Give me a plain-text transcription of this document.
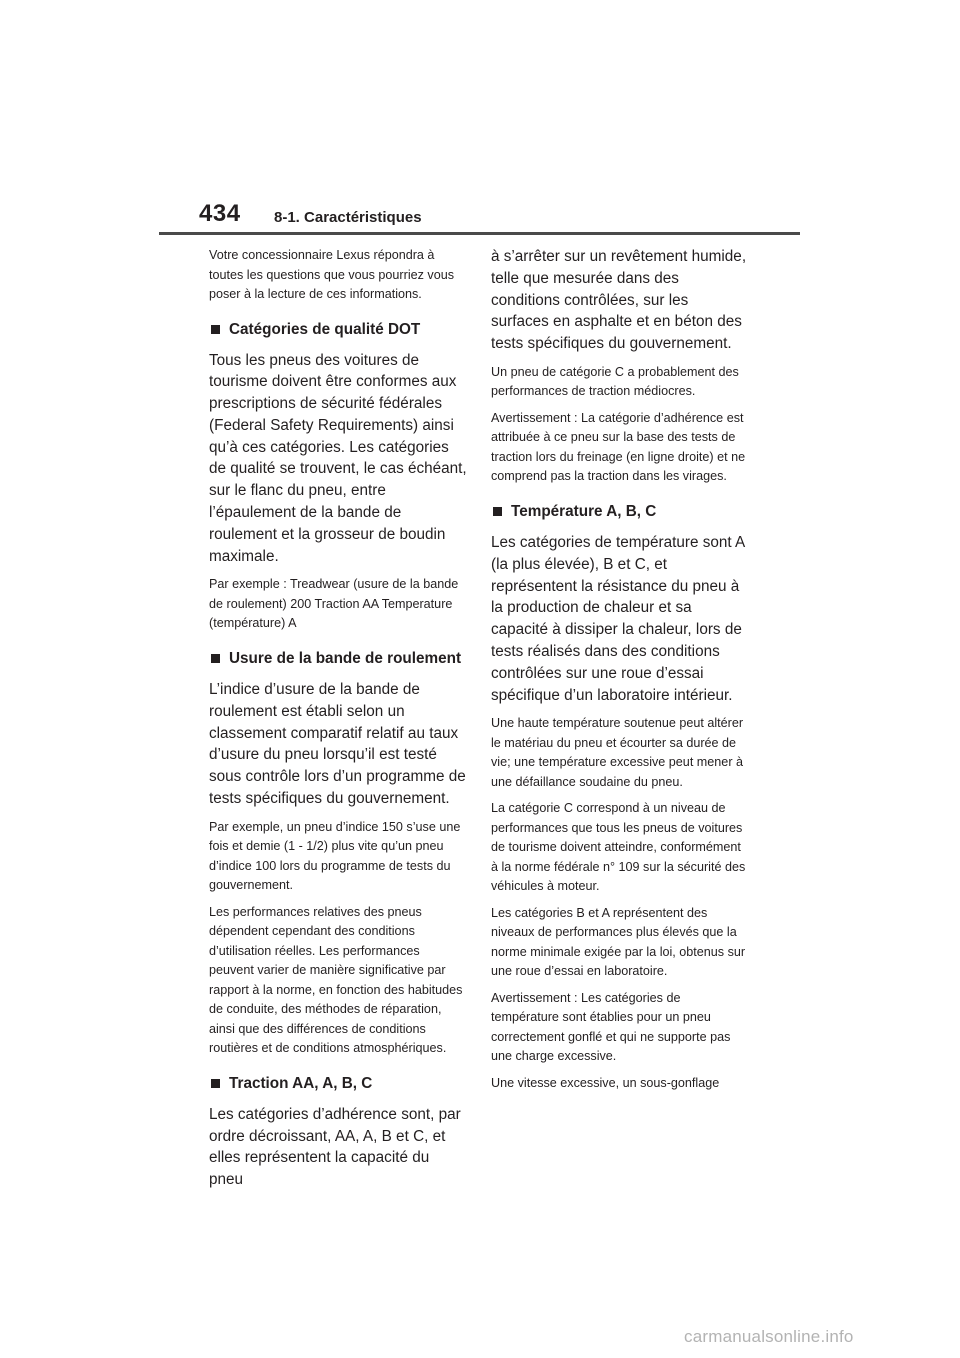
434 8-1. Caractéristiques

Votre concessionnaire Lexus répondra à toutes les questions que vous pourriez vous poser à la lecture de ces informations.

Catégories de qualité DOT

Tous les pneus des voitures de tourisme doivent être conformes aux prescriptions de sécurité fédérales (Federal Safety Requirements) ainsi qu’à ces catégories. Les catégories de qualité se trouvent, le cas échéant, sur le flanc du pneu, entre l’épaulement de la bande de roulement et la grosseur de boudin maximale.

Par exemple : Treadwear (usure de la bande de roulement) 200 Traction AA Temperature (température) A

Usure de la bande de roulement

L’indice d’usure de la bande de roulement est établi selon un classement comparatif relatif au taux d’usure du pneu lorsqu’il est testé sous contrôle lors d’un programme de tests spécifiques du gouvernement.

Par exemple, un pneu d’indice 150 s’use une fois et demie (1 - 1/2) plus vite qu’un pneu d’indice 100 lors du programme de tests du gouvernement.

Les performances relatives des pneus dépendent cependant des conditions d’utilisation réelles. Les performances peuvent varier de manière significative par rapport à la norme, en fonction des habitudes de conduite, des méthodes de réparation, ainsi que des différences de conditions routières et de conditions atmosphériques.

Traction AA, A, B, C

Les catégories d’adhérence sont, par ordre décroissant, AA, A, B et C, et elles représentent la capacité du pneu

à s’arrêter sur un revêtement humide, telle que mesurée dans des conditions contrôlées, sur les surfaces en asphalte et en béton des tests spécifiques du gouvernement.

Un pneu de catégorie C a probablement des performances de traction médiocres.

Avertissement : La catégorie d’adhérence est attribuée à ce pneu sur la base des tests de traction lors du freinage (en ligne droite) et ne comprend pas la traction dans les virages.

Température A, B, C

Les catégories de température sont A (la plus élevée), B et C, et représentent la résistance du pneu à la production de chaleur et sa capacité à dissiper la chaleur, lors de tests réalisés dans des conditions contrôlées sur une roue d’essai spécifique d’un laboratoire intérieur.

Une haute température soutenue peut altérer le matériau du pneu et écourter sa durée de vie; une température excessive peut mener à une défaillance soudaine du pneu.

La catégorie C correspond à un niveau de performances que tous les pneus de voitures de tourisme doivent atteindre, conformément à la norme fédérale n° 109 sur la sécurité des véhicules à moteur.

Les catégories B et A représentent des niveaux de performances plus élevés que la norme minimale exigée par la loi, obtenus sur une roue d’essai en laboratoire.

Avertissement : Les catégories de température sont établies pour un pneu correctement gonflé et qui ne supporte pas une charge excessive.

Une vitesse excessive, un sous-gonflage

carmanualsonline.info
